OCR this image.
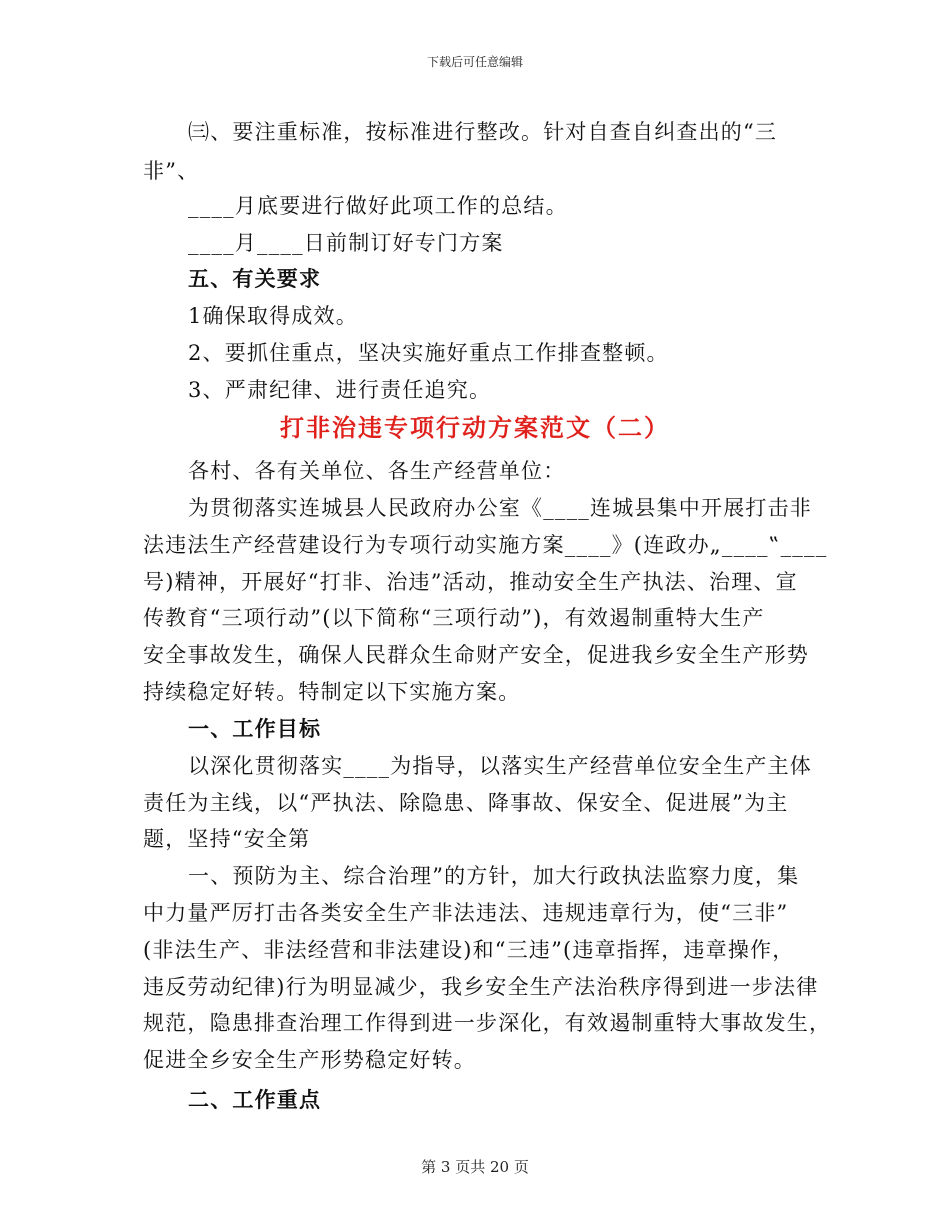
下载后可任意编辑
㈢、要注重标准，按标准进行整改。针对自查自纠查出的“三
非”、
____月底要进行做好此项工作的总结。
____月____日前制订好专门方案
五、有关要求
1确保取得成效。
2、要抓住重点，坚决实施好重点工作排查整顿。
3、严肃纪律、进行责任追究。
打非治违专项行动方案范文（二）
各村、各有关单位、各生产经营单位：
为贯彻落实连城县人民政府办公室《____连城县集中开展打击非
法违法生产经营建设行为专项行动实施方案____》(连政办„____‟____
号)精神，开展好“打非、治违”活动，推动安全生产执法、治理、宣
传教育“三项行动”(以下简称“三项行动”)，有效遏制重特大生产
安全事故发生，确保人民群众生命财产安全，促进我乡安全生产形势
持续稳定好转。特制定以下实施方案。
一、工作目标
以深化贯彻落实____为指导，以落实生产经营单位安全生产主体
责任为主线，以“严执法、除隐患、降事故、保安全、促进展”为主
题，坚持“安全第
一、预防为主、综合治理”的方针，加大行政执法监察力度，集
中力量严厉打击各类安全生产非法违法、违规违章行为，使“三非”
(非法生产、非法经营和非法建设)和“三违”(违章指挥，违章操作，
违反劳动纪律)行为明显减少，我乡安全生产法治秩序得到进一步法律
规范，隐患排查治理工作得到进一步深化，有效遏制重特大事故发生，
促进全乡安全生产形势稳定好转。
二、工作重点
第 3 页共 20 页
